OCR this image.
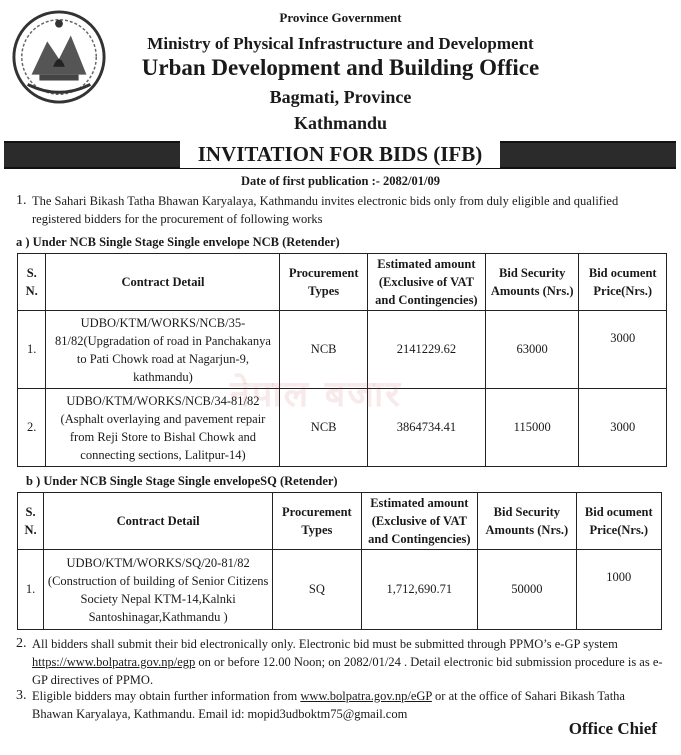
Province Government
Ministry of Physical Infrastructure and Development
Urban Development and Building Office
Bagmati, Province
Kathmandu
INVITATION FOR BIDS (IFB)
Date of first publication :- 2082/01/09
1. The Sahari Bikash Tatha Bhawan Karyalaya, Kathmandu invites electronic bids only from duly eligible and qualified registered bidders for the procurement of following works
a ) Under NCB Single Stage Single envelope NCB (Retender)
S. N.	Contract Detail	Procurement Types	Estimated amount (Exclusive of VAT and Contingencies)	Bid Security Amounts (Nrs.)	Bid ocument Price(Nrs.)
1.	UDBO/KTM/WORKS/NCB/35-81/82(Upgradation of road in Panchakanya to Pati Chowk road at Nagarjun-9, kathmandu)	NCB	2141229.62	63000	3000
2.	UDBO/KTM/WORKS/NCB/34-81/82 (Asphalt overlaying and pavement repair from Reji Store to Bishal Chowk and connecting sections, Lalitpur-14)	NCB	3864734.41	115000	3000
नेपाल बजार
b ) Under NCB Single Stage Single envelopeSQ (Retender)
S. N.	Contract Detail	Procurement Types	Estimated amount (Exclusive of VAT and Contingencies)	Bid Security Amounts (Nrs.)	Bid ocument Price(Nrs.)
1.	UDBO/KTM/WORKS/SQ/20-81/82 (Construction of building of Senior Citizens Society Nepal KTM-14,Kalnki Santoshinagar,Kathmandu )	SQ	1,712,690.71	50000	1000
2. All bidders shall submit their bid electronically only. Electronic bid must be submitted through PPMO’s e-GP system https://www.bolpatra.gov.np/egp on or before 12.00 Noon; on 2082/01/24 . Detail electronic bid submission procedure is as e-GP directives of PPMO.
3. Eligible bidders may obtain further information from www.bolpatra.gov.np/eGP or at the office of Sahari Bikash Tatha Bhawan Karyalaya, Kathmandu. Email id: mopid3udboktm75@gmail.com
Office Chief
